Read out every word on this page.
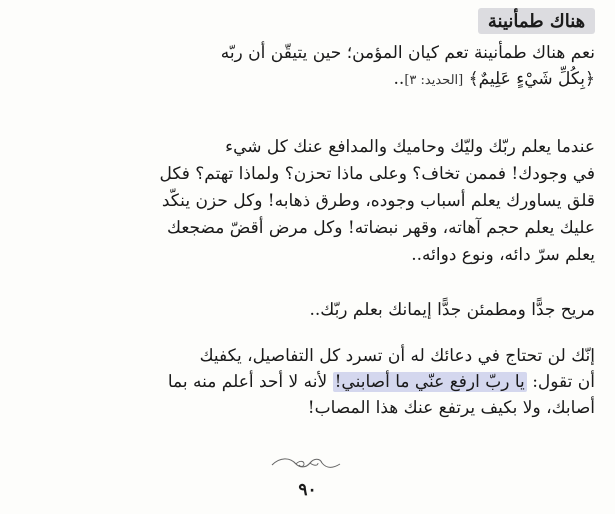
هناك طمأنينة
نعم هناك طمأنينة تعم كيان المؤمن؛ حين يتيقّن أن ربّه
﴿بِكُلِّ شَيْءٍ عَلِيمٌ﴾ [الحديد: ٣]..
عندما يعلم ربّك وليّك وحاميك والمدافع عنك كل شيء
في وجودك! فممن تخاف؟ وعلى ماذا تحزن؟ ولماذا تهتم؟ فكل
قلق يساورك يعلم أسباب وجوده، وطرق ذهابه! وكل حزن ينكّد
عليك يعلم حجم آهاته، وقهر نبضاته! وكل مرض أقضّ مضجعك
يعلم سرّ دائه، ونوع دوائه..
مريح جدًّا ومطمئن جدًّا إيمانك بعلم ربّك..
إنّك لن تحتاج في دعائك له أن تسرد كل التفاصيل، يكفيك
أن تقول: يا ربّ ارفع عنّي ما أصابني! لأنه لا أحد أعلم منه بما
أصابك، ولا بكيف يرتفع عنك هذا المصاب!
٩٠
